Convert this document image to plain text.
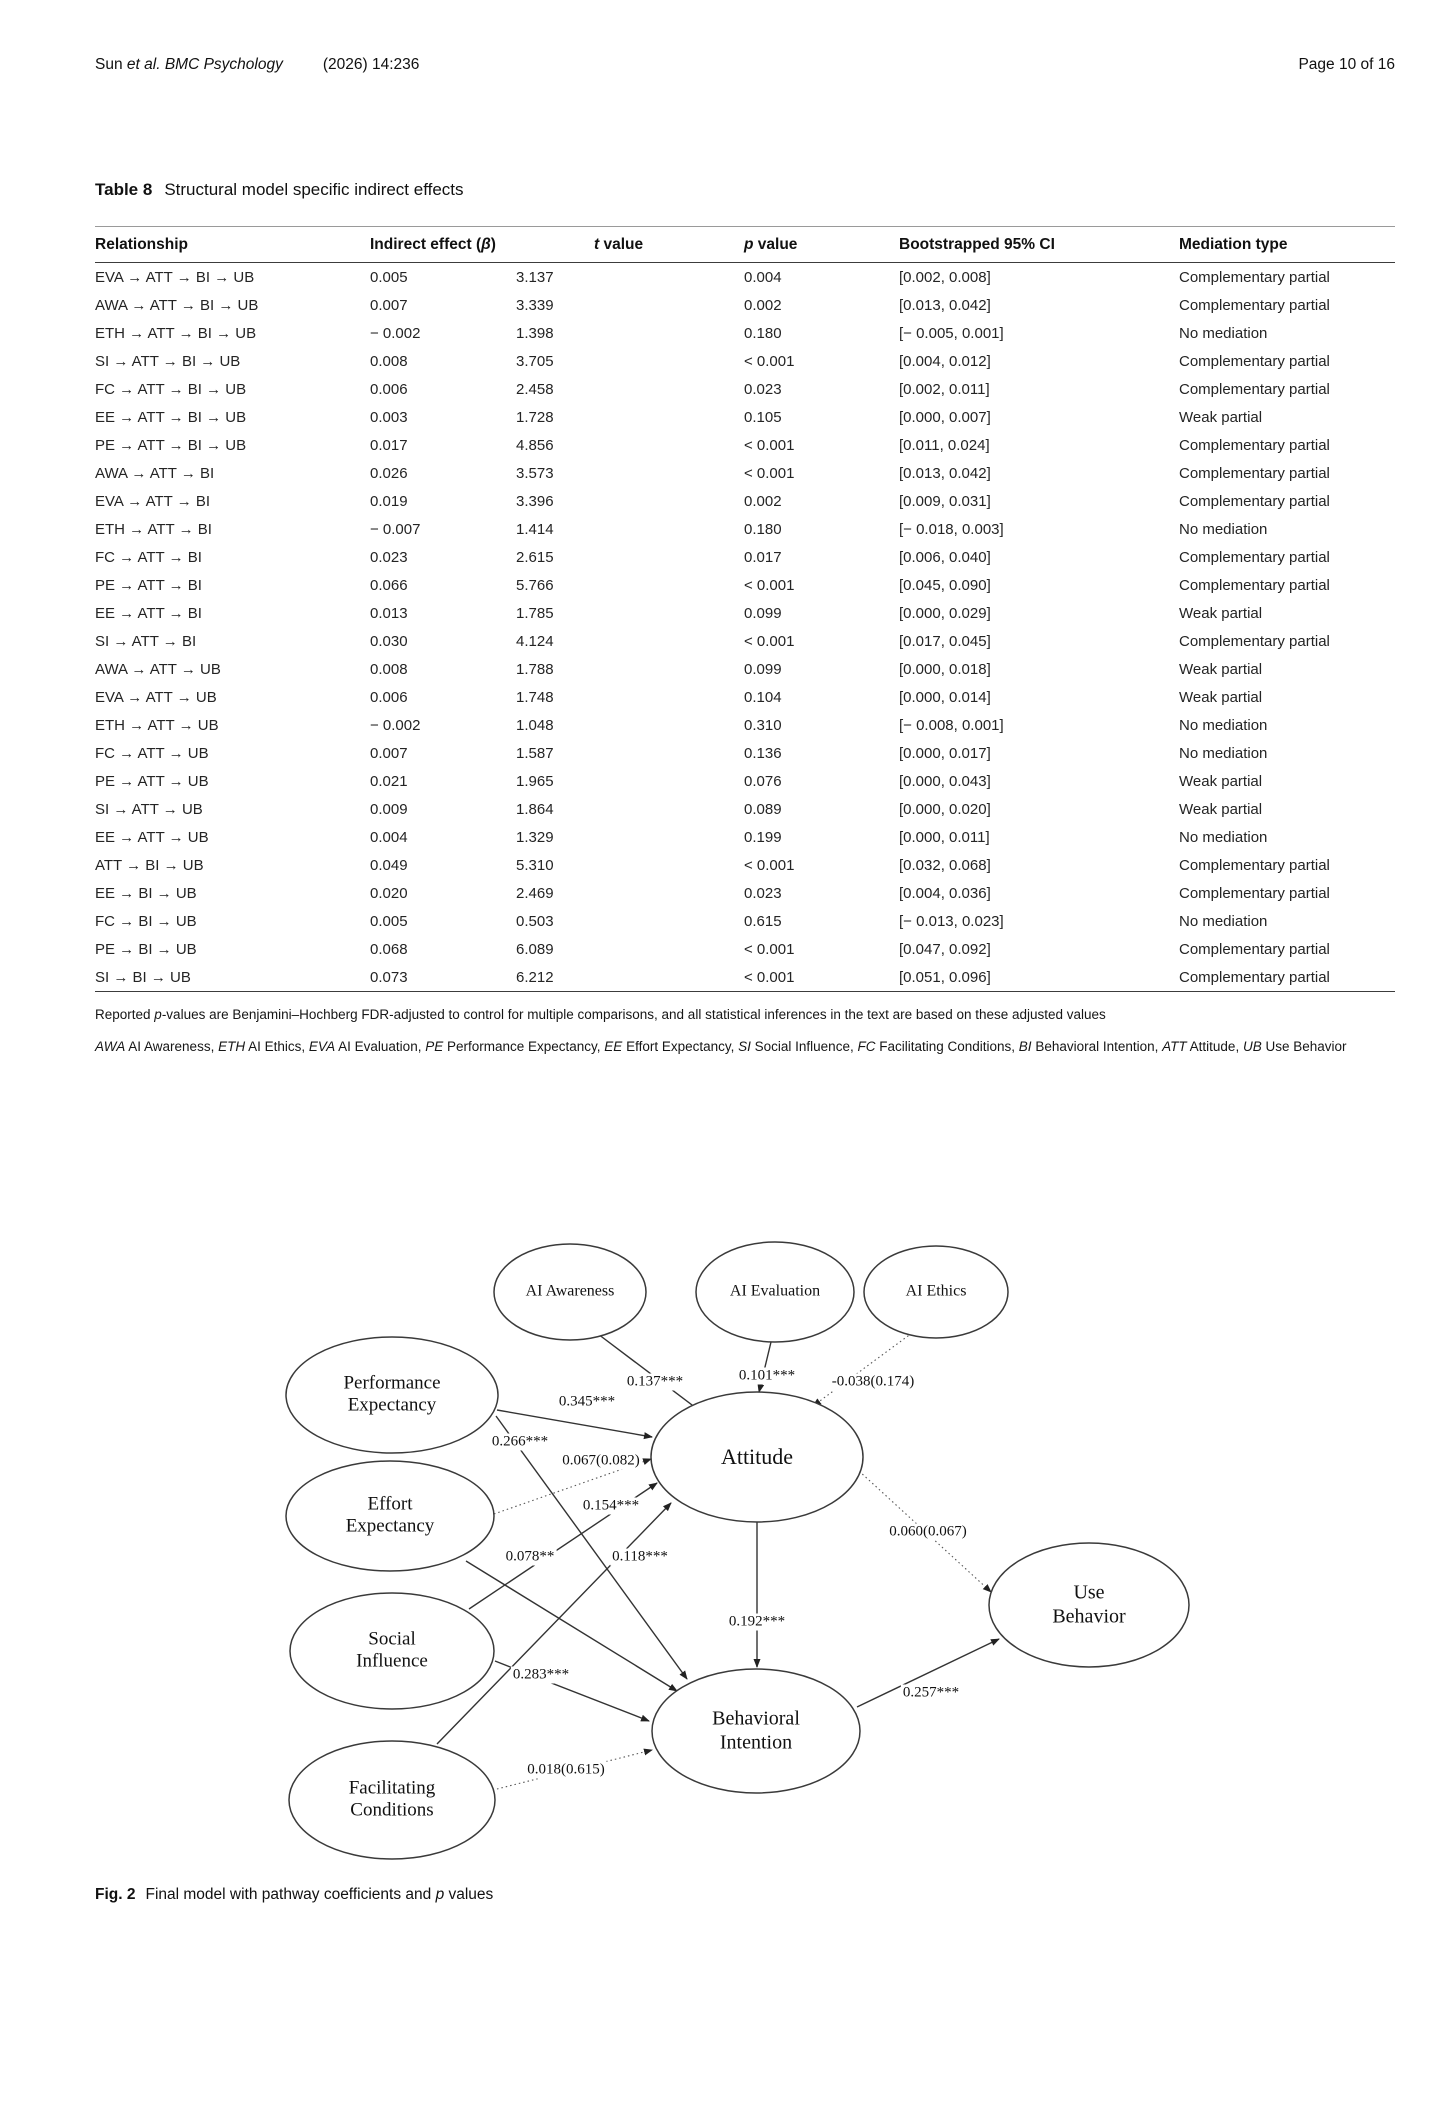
Sun et al. BMC Psychology	(2026) 14:236	Page 10 of 16
Table 8 Structural model specific indirect effects
Relationship	Indirect effect (β)	t value	p value	Bootstrapped 95% CI	Mediation type
EVA → ATT → BI → UB	0.005	3.137	0.004	[0.002, 0.008]	Complementary partial
AWA → ATT → BI → UB	0.007	3.339	0.002	[0.013, 0.042]	Complementary partial
ETH → ATT → BI → UB	− 0.002	1.398	0.180	[− 0.005, 0.001]	No mediation
SI → ATT → BI → UB	0.008	3.705	< 0.001	[0.004, 0.012]	Complementary partial
FC → ATT → BI → UB	0.006	2.458	0.023	[0.002, 0.011]	Complementary partial
EE → ATT → BI → UB	0.003	1.728	0.105	[0.000, 0.007]	Weak partial
PE → ATT → BI → UB	0.017	4.856	< 0.001	[0.011, 0.024]	Complementary partial
AWA → ATT → BI	0.026	3.573	< 0.001	[0.013, 0.042]	Complementary partial
EVA → ATT → BI	0.019	3.396	0.002	[0.009, 0.031]	Complementary partial
ETH → ATT → BI	− 0.007	1.414	0.180	[− 0.018, 0.003]	No mediation
FC → ATT → BI	0.023	2.615	0.017	[0.006, 0.040]	Complementary partial
PE → ATT → BI	0.066	5.766	< 0.001	[0.045, 0.090]	Complementary partial
EE → ATT → BI	0.013	1.785	0.099	[0.000, 0.029]	Weak partial
SI → ATT → BI	0.030	4.124	< 0.001	[0.017, 0.045]	Complementary partial
AWA → ATT → UB	0.008	1.788	0.099	[0.000, 0.018]	Weak partial
EVA → ATT → UB	0.006	1.748	0.104	[0.000, 0.014]	Weak partial
ETH → ATT → UB	− 0.002	1.048	0.310	[− 0.008, 0.001]	No mediation
FC → ATT → UB	0.007	1.587	0.136	[0.000, 0.017]	No mediation
PE → ATT → UB	0.021	1.965	0.076	[0.000, 0.043]	Weak partial
SI → ATT → UB	0.009	1.864	0.089	[0.000, 0.020]	Weak partial
EE → ATT → UB	0.004	1.329	0.199	[0.000, 0.011]	No mediation
ATT → BI → UB	0.049	5.310	< 0.001	[0.032, 0.068]	Complementary partial
EE → BI → UB	0.020	2.469	0.023	[0.004, 0.036]	Complementary partial
FC → BI → UB	0.005	0.503	0.615	[− 0.013, 0.023]	No mediation
PE → BI → UB	0.068	6.089	< 0.001	[0.047, 0.092]	Complementary partial
SI → BI → UB	0.073	6.212	< 0.001	[0.051, 0.096]	Complementary partial
Reported p-values are Benjamini–Hochberg FDR-adjusted to control for multiple comparisons, and all statistical inferences in the text are based on these adjusted values
AWA AI Awareness, ETH AI Ethics, EVA AI Evaluation, PE Performance Expectancy, EE Effort Expectancy, SI Social Influence, FC Facilitating Conditions, BI Behavioral Intention, ATT Attitude, UB Use Behavior
AI Awareness	AI Evaluation	AI Ethics
Performance Expectancy
Effort Expectancy
Social Influence
Facilitating Conditions
Attitude
Behavioral Intention
Use Behavior
0.137***	0.101*** -0.038(0.174)
0.345***
0.266***
0.067(0.082)
0.078**
0.154***
0.283***
0.118***
0.018(0.615)
0.192***
0.060(0.067)
0.257***
Fig. 2 Final model with pathway coefficients and p values
